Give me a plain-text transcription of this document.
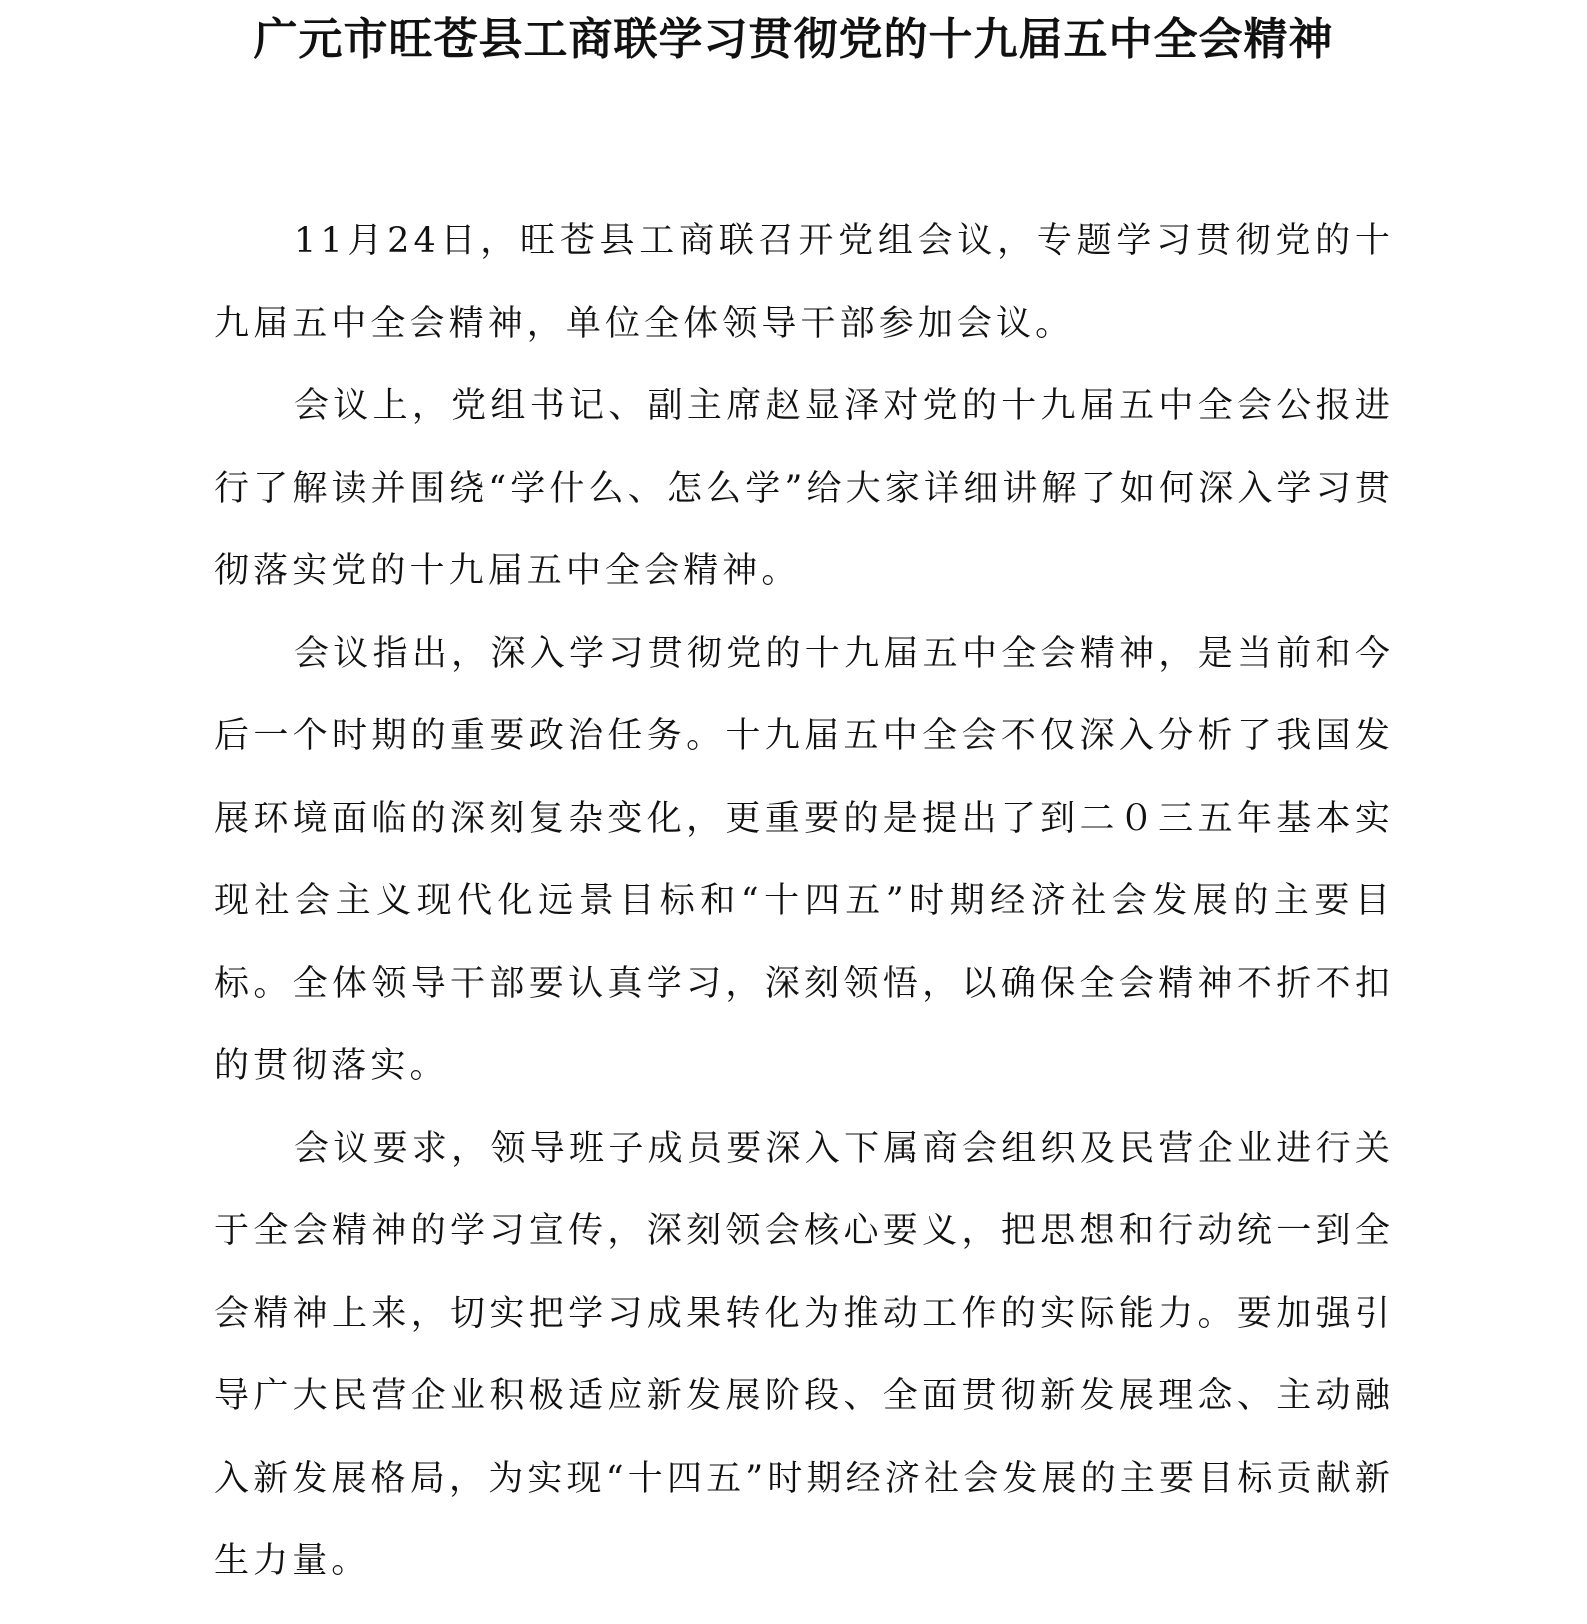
广元市旺苍县工商联学习贯彻党的十九届五中全会精神

11月24日，旺苍县工商联召开党组会议，专题学习贯彻党的十九届五中全会精神，单位全体领导干部参加会议。

会议上，党组书记、副主席赵显泽对党的十九届五中全会公报进行了解读并围绕“学什么、怎么学”给大家详细讲解了如何深入学习贯彻落实党的十九届五中全会精神。

会议指出，深入学习贯彻党的十九届五中全会精神，是当前和今后一个时期的重要政治任务。十九届五中全会不仅深入分析了我国发展环境面临的深刻复杂变化，更重要的是提出了到二０三五年基本实现社会主义现代化远景目标和“十四五”时期经济社会发展的主要目标。全体领导干部要认真学习，深刻领悟，以确保全会精神不折不扣的贯彻落实。

会议要求，领导班子成员要深入下属商会组织及民营企业进行关于全会精神的学习宣传，深刻领会核心要义，把思想和行动统一到全会精神上来，切实把学习成果转化为推动工作的实际能力。要加强引导广大民营企业积极适应新发展阶段、全面贯彻新发展理念、主动融入新发展格局，为实现“十四五”时期经济社会发展的主要目标贡献新生力量。
